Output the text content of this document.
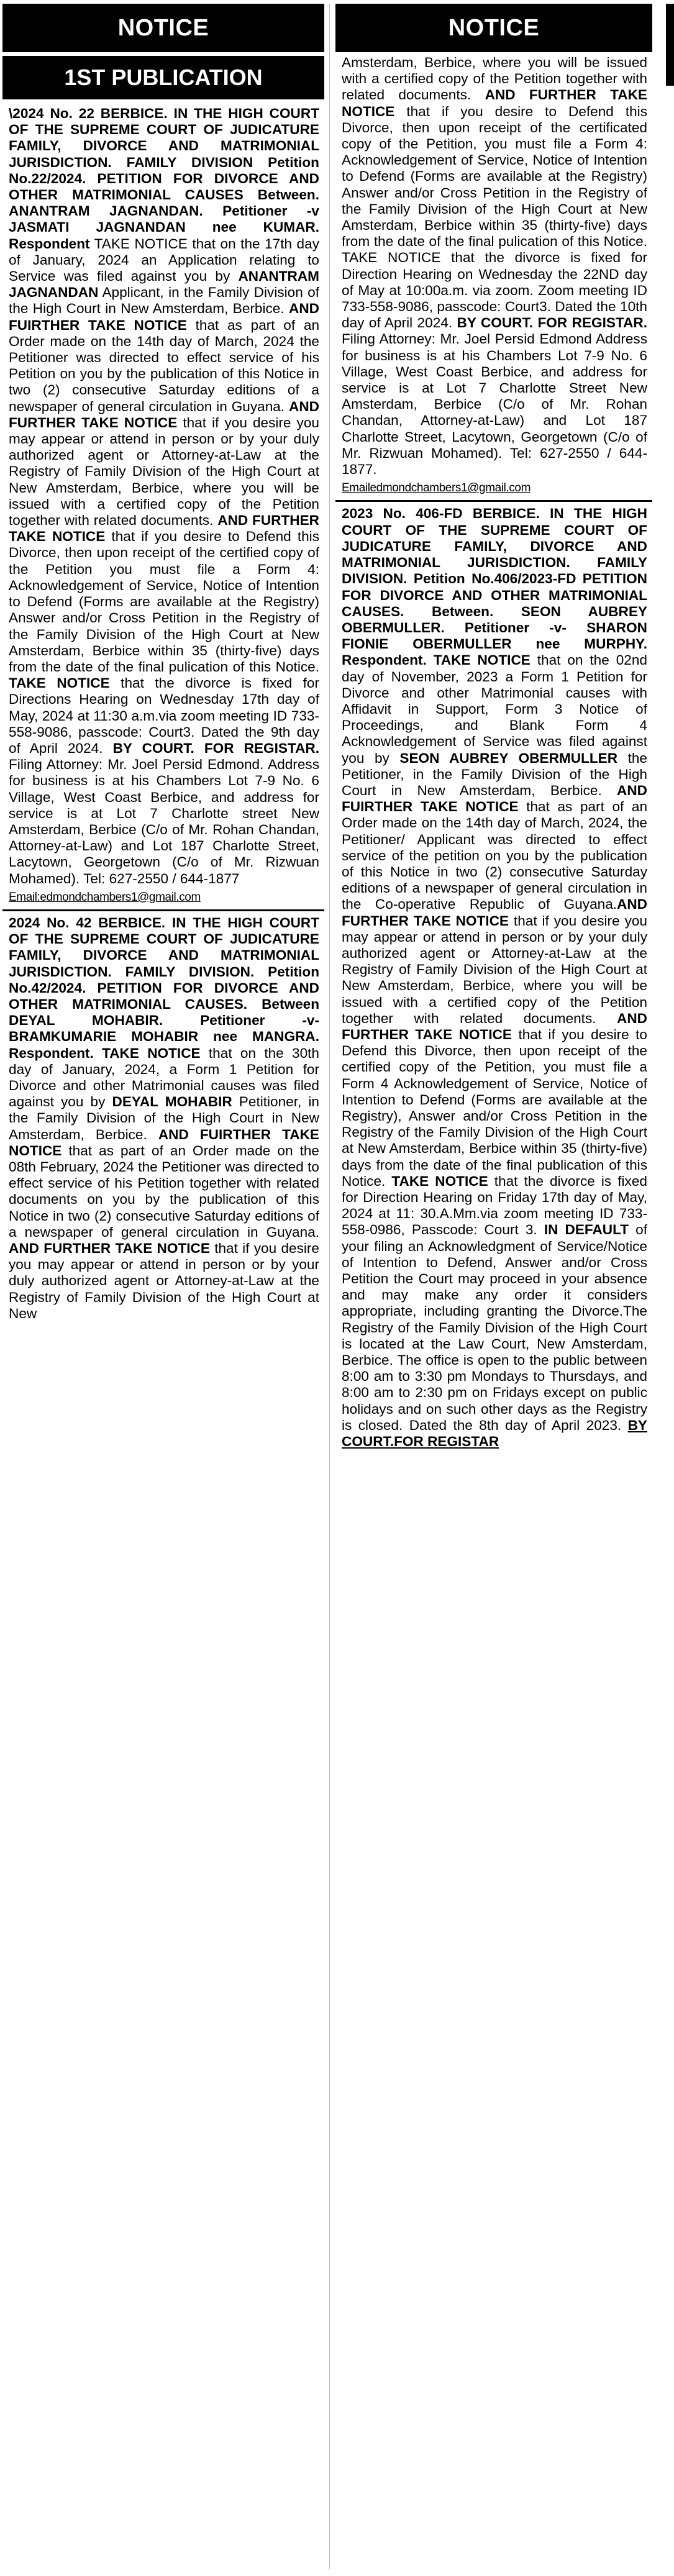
NOTICE
1ST PUBLICATION

\2024 No. 22 BERBICE. IN THE HIGH COURT OF THE SUPREME COURT OF JUDICATURE FAMILY, DIVORCE AND MATRIMONIAL JURISDICTION. FAMILY DIVISION Petition No.22/2024. PETITION FOR DIVORCE AND OTHER MATRIMONIAL CAUSES Between. ANANTRAM JAGNANDAN. Petitioner -v JASMATI JAGNANDAN nee KUMAR. Respondent TAKE NOTICE that on the 17th day of January, 2024 an Application relating to Service was filed against you by ANANTRAM JAGNANDAN Applicant, in the Family Division of the High Court in New Amsterdam, Berbice. AND FUIRTHER TAKE NOTICE that as part of an Order made on the 14th day of March, 2024 the Petitioner was directed to effect service of his Petition on you by the publication of this Notice in two (2) consecutive Saturday editions of a newspaper of general circulation in Guyana. AND FURTHER TAKE NOTICE that if you desire you may appear or attend in person or by your duly authorized agent or Attorney-at-Law at the Registry of Family Division of the High Court at New Amsterdam, Berbice, where you will be issued with a certified copy of the Petition together with related documents. AND FURTHER TAKE NOTICE that if you desire to Defend this Divorce, then upon receipt of the certified copy of the Petition you must file a Form 4: Acknowledgement of Service, Notice of Intention to Defend (Forms are available at the Registry) Answer and/or Cross Petition in the Registry of the Family Division of the High Court at New Amsterdam, Berbice within 35 (thirty-five) days from the date of the final pulication of this Notice. TAKE NOTICE that the divorce is fixed for Directions Hearing on Wednesday 17th day of May, 2024 at 11:30 a.m.via zoom meeting ID 733-558-9086, passcode: Court3. Dated the 9th day of April 2024. BY COURT. FOR REGISTAR. Filing Attorney: Mr. Joel Persid Edmond. Address for business is at his Chambers Lot 7-9 No. 6 Village, West Coast Berbice, and address for service is at Lot 7 Charlotte street New Amsterdam, Berbice (C/o of Mr. Rohan Chandan, Attorney-at-Law) and Lot 187 Charlotte Street, Lacytown, Georgetown (C/o of Mr. Rizwuan Mohamed). Tel: 627-2550 / 644-1877

Email:edmondchambers1@gmail.com

2024 No. 42 BERBICE. IN THE HIGH COURT OF THE SUPREME COURT OF JUDICATURE FAMILY, DIVORCE AND MATRIMONIAL JURISDICTION. FAMILY DIVISION. Petition No.42/2024. PETITION FOR DIVORCE AND OTHER MATRIMONIAL CAUSES. Between DEYAL MOHABIR. Petitioner -v- BRAMKUMARIE MOHABIR nee MANGRA. Respondent. TAKE NOTICE that on the 30th day of January, 2024, a Form 1 Petition for Divorce and other Matrimonial causes was filed against you by DEYAL MOHABIR Petitioner, in the Family Division of the High Court in New Amsterdam, Berbice. AND FUIRTHER TAKE NOTICE that as part of an Order made on the 08th February, 2024 the Petitioner was directed to effect service of his Petition together with related documents on you by the publication of this Notice in two (2) consecutive Saturday editions of a newspaper of general circulation in Guyana. AND FURTHER TAKE NOTICE that if you desire you may appear or attend in person or by your duly authorized agent or Attorney-at-Law at the Registry of Family Division of the High Court at New

NOTICE

Amsterdam, Berbice, where you will be issued with a certified copy of the Petition together with related documents. AND FURTHER TAKE NOTICE that if you desire to Defend this Divorce, then upon receipt of the certificated copy of the Petition, you must file a Form 4: Acknowledgement of Service, Notice of Intention to Defend (Forms are available at the Registry) Answer and/or Cross Petition in the Registry of the Family Division of the High Court at New Amsterdam, Berbice within 35 (thirty-five) days from the date of the final pulication of this Notice. TAKE NOTICE that the divorce is fixed for Direction Hearing on Wednesday the 22ND day of May at 10:00a.m. via zoom. Zoom meeting ID 733-558-9086, passcode: Court3. Dated the 10th day of April 2024. BY COURT. FOR REGISTAR. Filing Attorney: Mr. Joel Persid Edmond Address for business is at his Chambers Lot 7-9 No. 6 Village, West Coast Berbice, and address for service is at Lot 7 Charlotte Street New Amsterdam, Berbice (C/o of Mr. Rohan Chandan, Attorney-at-Law) and Lot 187 Charlotte Street, Lacytown, Georgetown (C/o of Mr. Rizwuan Mohamed). Tel: 627-2550 / 644-1877.

Emailedmondchambers1@gmail.com

2023 No. 406-FD BERBICE. IN THE HIGH COURT OF THE SUPREME COURT OF JUDICATURE FAMILY, DIVORCE AND MATRIMONIAL JURISDICTION. FAMILY DIVISION. Petition No.406/2023-FD PETITION FOR DIVORCE AND OTHER MATRIMONIAL CAUSES. Between. SEON AUBREY OBERMULLER. Petitioner -v- SHARON FIONIE OBERMULLER nee MURPHY. Respondent. TAKE NOTICE that on the 02nd day of November, 2023 a Form 1 Petition for Divorce and other Matrimonial causes with Affidavit in Support, Form 3 Notice of Proceedings, and Blank Form 4 Acknowledgement of Service was filed against you by SEON AUBREY OBERMULLER the Petitioner, in the Family Division of the High Court in New Amsterdam, Berbice. AND FUIRTHER TAKE NOTICE that as part of an Order made on the 14th day of March, 2024, the Petitioner/ Applicant was directed to effect service of the petition on you by the publication of this Notice in two (2) consecutive Saturday editions of a newspaper of general circulation in the Co-operative Republic of Guyana.AND FURTHER TAKE NOTICE that if you desire you may appear or attend in person or by your duly authorized agent or Attorney-at-Law at the Registry of Family Division of the High Court at New Amsterdam, Berbice, where you will be issued with a certified copy of the Petition together with related documents. AND FURTHER TAKE NOTICE that if you desire to Defend this Divorce, then upon receipt of the certified copy of the Petition, you must file a Form 4 Acknowledgement of Service, Notice of Intention to Defend (Forms are available at the Registry), Answer and/or Cross Petition in the Registry of the Family Division of the High Court at New Amsterdam, Berbice within 35 (thirty-five) days from the date of the final publication of this Notice. TAKE NOTICE that the divorce is fixed for Direction Hearing on Friday 17th day of May, 2024 at 11: 30.A.Mm.via zoom meeting ID 733-558-0986, Passcode: Court 3. IN DEFAULT of your filing an Acknowledgment of Service/Notice of Intention to Defend, Answer and/or Cross Petition the Court may proceed in your absence and may make any order it considers appropriate, including granting the Divorce.The Registry of the Family Division of the High Court is located at the Law Court, New Amsterdam, Berbice. The office is open to the public between 8:00 am to 3:30 pm Mondays to Thursdays, and 8:00 am to 2:30 pm on Fridays except on public holidays and on such other days as the Registry is closed. Dated the 8th day of April 2023. BY COURT.FOR REGISTAR
